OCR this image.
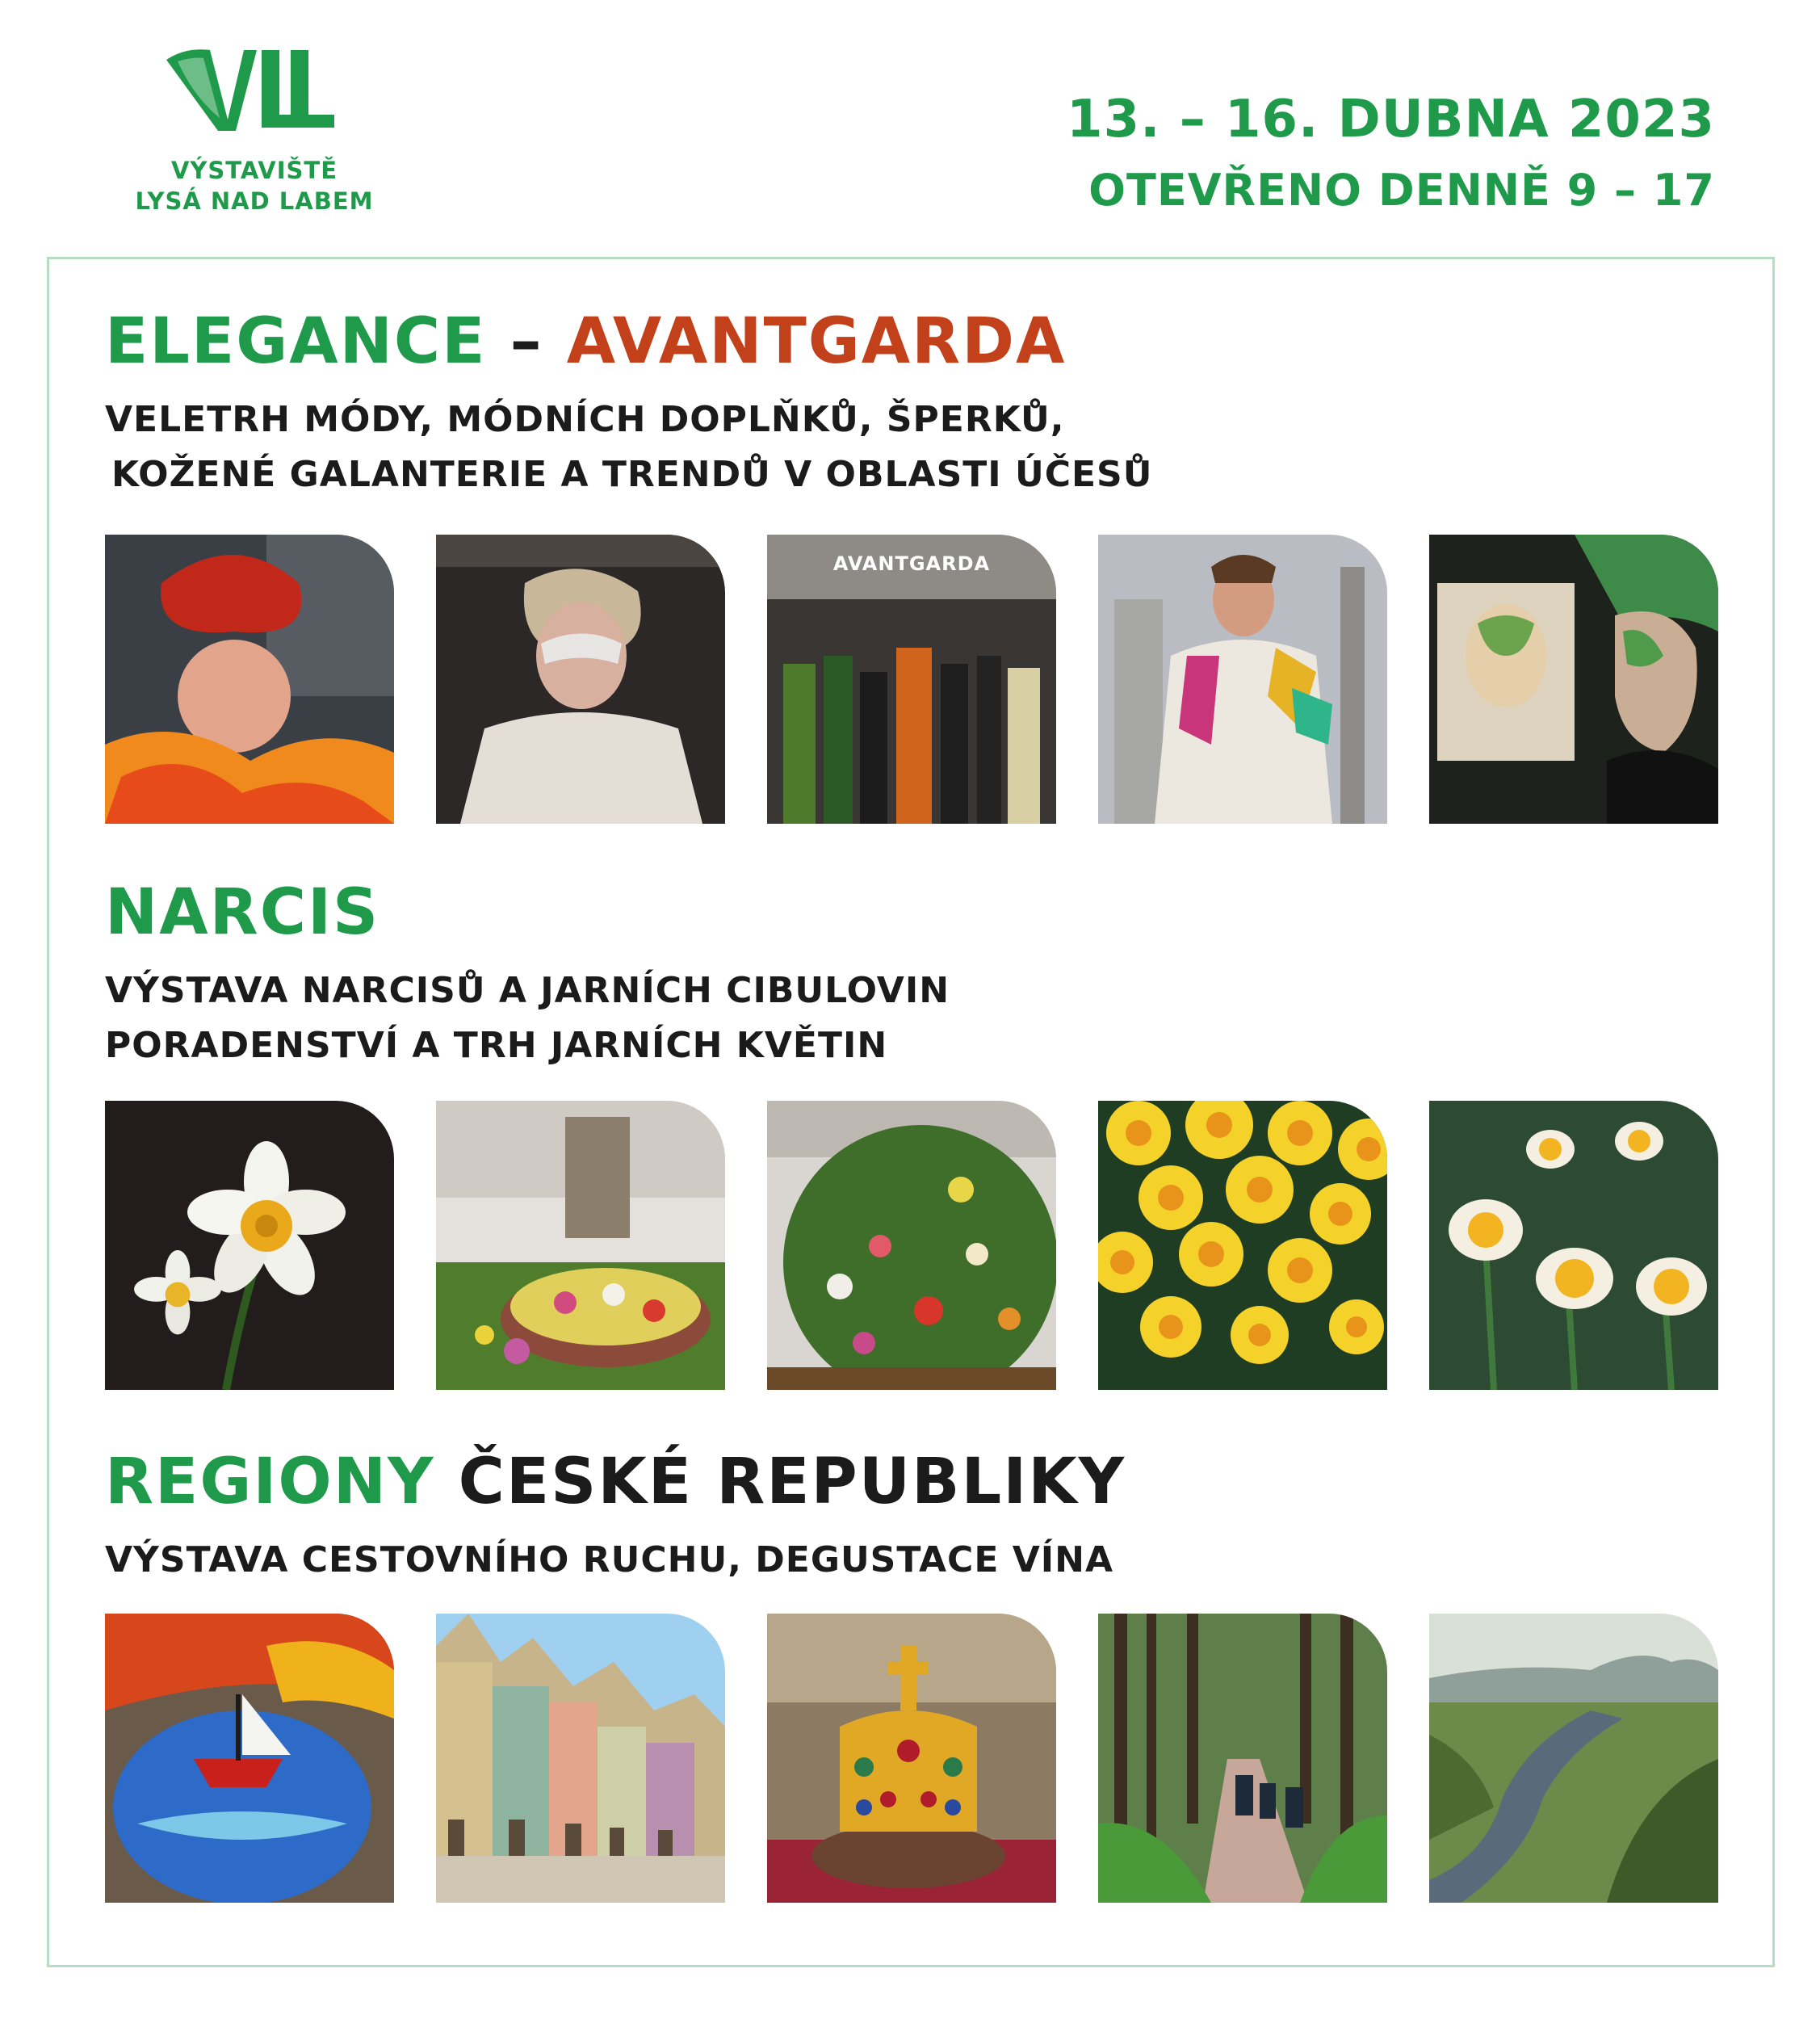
VÝSTAVIŠTĚ
LYSÁ NAD LABEM
13. – 16. DUBNA 2023
OTEVŘENO DENNĚ 9 – 17
ELEGANCE – AVANTGARDA
VELETRH MÓDY, MÓDNÍCH DOPLŇKŮ, ŠPERKŮ,
KOŽENÉ GALANTERIE A TRENDŮ V OBLASTI ÚČESŮ
AVANTGARDA
NARCIS
VÝSTAVA NARCISŮ A JARNÍCH CIBULOVIN
PORADENSTVÍ A TRH JARNÍCH KVĚTIN
REGIONY ČESKÉ REPUBLIKY
VÝSTAVA CESTOVNÍHO RUCHU, DEGUSTACE VÍNA
